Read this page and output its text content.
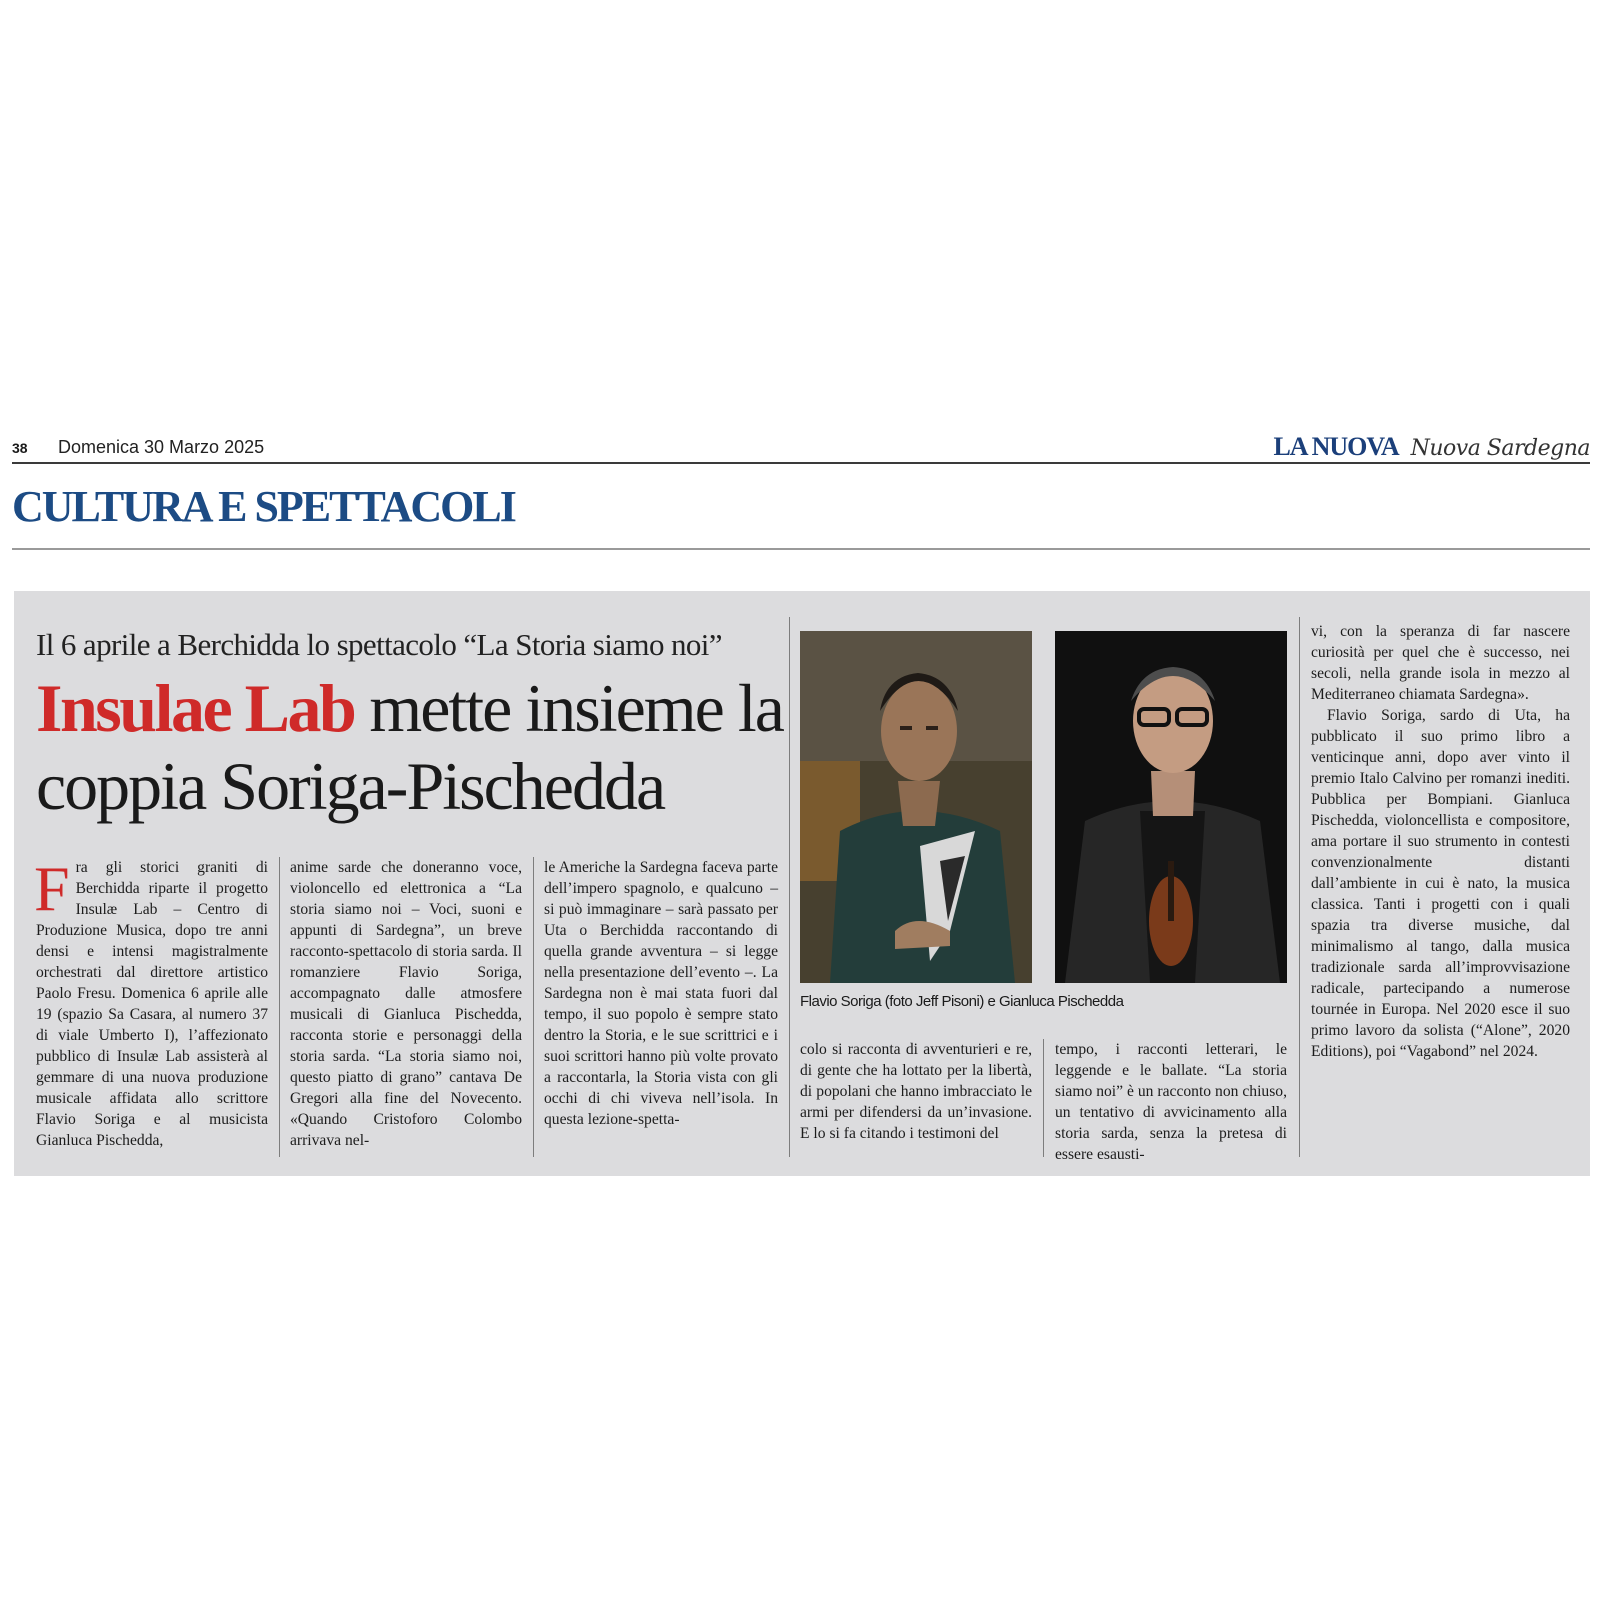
38 Domenica 30 Marzo 2025	LA NUOVA Nuova Sardegna
CULTURA E SPETTACOLI
Il 6 aprile a Berchidda lo spettacolo “La Storia siamo noi”
Insulae Lab mette insieme la coppia Soriga-Pischedda
F ra gli storici graniti di Berchidda riparte il progetto Insulæ Lab – Centro di Produzione Musica, dopo tre anni densi e intensi magistralmente orchestrati dal direttore artistico Paolo Fresu. Domenica 6 aprile alle 19 (spazio Sa Casara, al numero 37 di viale Umberto I), l’affezionato pubblico di Insulæ Lab assisterà al gemmare di una nuova produzione musicale affidata allo scrittore Flavio Soriga e al musicista Gianluca Pischedda,
anime sarde che doneranno voce, violoncello ed elettronica a “La storia siamo noi – Voci, suoni e appunti di Sardegna”, un breve racconto-spettacolo di storia sarda. Il romanziere Flavio Soriga, accompagnato dalle atmosfere musicali di Gianluca Pischedda, racconta storie e personaggi della storia sarda. “La storia siamo noi, questo piatto di grano” cantava De Gregori alla fine del Novecento. «Quando Cristoforo Colombo arrivava nel-
le Americhe la Sardegna faceva parte dell’impero spagnolo, e qualcuno – si può immaginare – sarà passato per Uta o Berchidda raccontando di quella grande avventura – si legge nella presentazione dell’evento –. La Sardegna non è mai stata fuori dal tempo, il suo popolo è sempre stato dentro la Storia, e le sue scrittrici e i suoi scrittori hanno più volte provato a raccontarla, la Storia vista con gli occhi di chi viveva nell’isola. In questa lezione-spetta-
Flavio Soriga (foto Jeff Pisoni) e Gianluca Pischedda
colo si racconta di avventurieri e re, di gente che ha lottato per la libertà, di popolani che hanno imbracciato le armi per difendersi da un’invasione. E lo si fa citando i testimoni del
tempo, i racconti letterari, le leggende e le ballate. “La storia siamo noi” è un racconto non chiuso, un tentativo di avvicinamento alla storia sarda, senza la pretesa di essere esausti-
vi, con la speranza di far nascere curiosità per quel che è successo, nei secoli, nella grande isola in mezzo al Mediterraneo chiamata Sardegna».
Flavio Soriga, sardo di Uta, ha pubblicato il suo primo libro a venticinque anni, dopo aver vinto il premio Italo Calvino per romanzi inediti. Pubblica per Bompiani. Gianluca Pischedda, violoncellista e compositore, ama portare il suo strumento in contesti convenzionalmente distanti dall’ambiente in cui è nato, la musica classica. Tanti i progetti con i quali spazia tra diverse musiche, dal minimalismo al tango, dalla musica tradizionale sarda all’improvvisazione radicale, partecipando a numerose tournée in Europa. Nel 2020 esce il suo primo lavoro da solista (“Alone”, 2020 Editions), poi “Vagabond” nel 2024.
